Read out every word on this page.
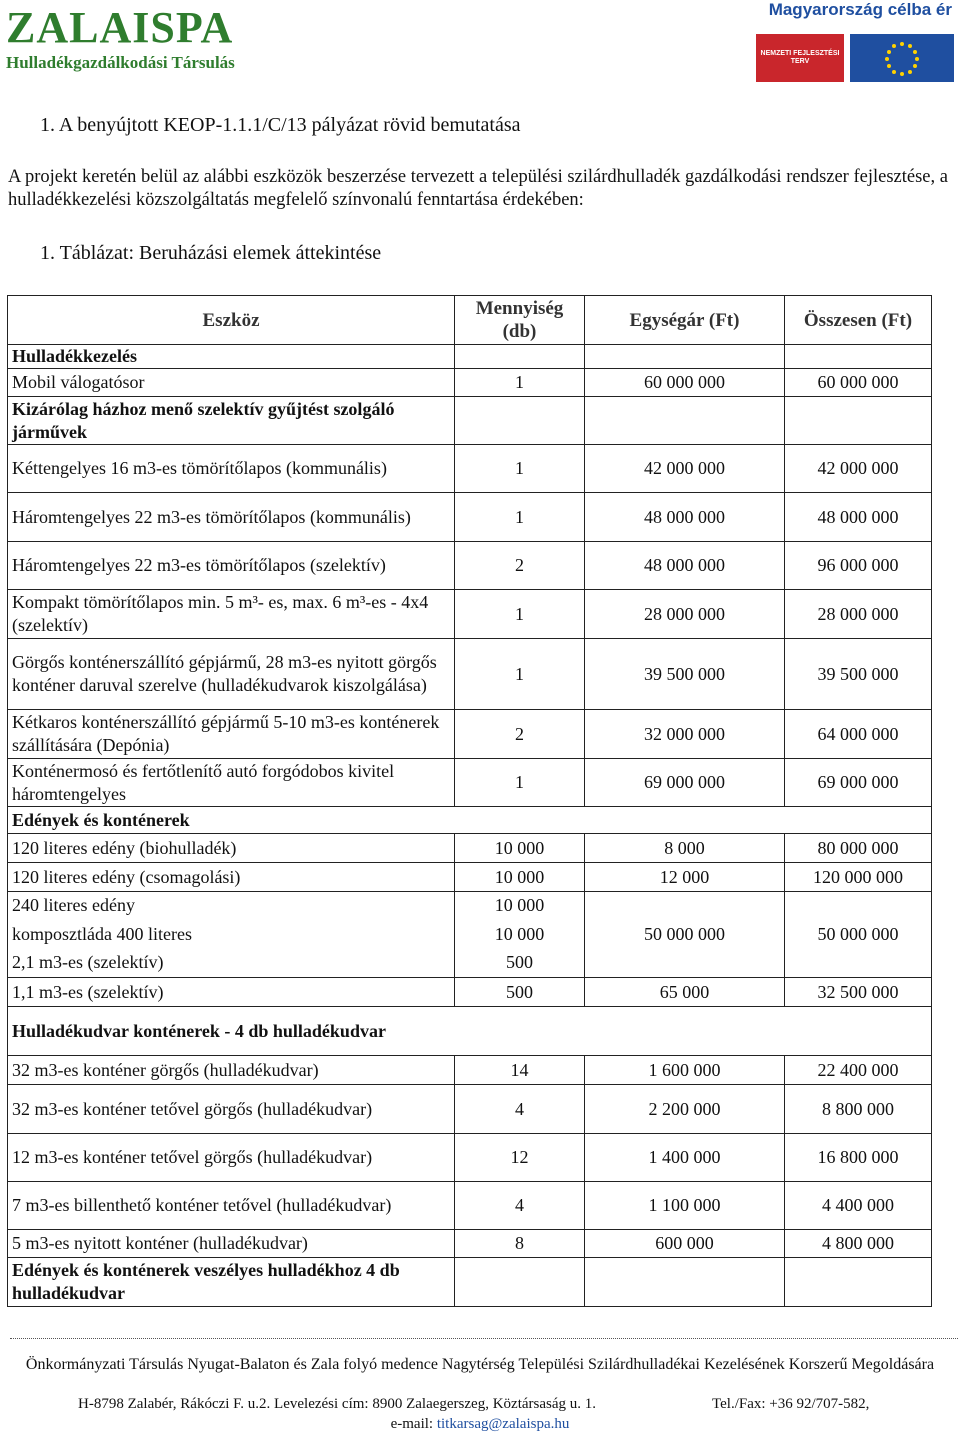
ZALAISPA
Hulladékgazdálkodási Társulás
Magyarország célba ér
NEMZETI FEJLESZTÉSI TERV
1. A benyújtott KEOP-1.1.1/C/13 pályázat rövid bemutatása
A projekt keretén belül az alábbi eszközök beszerzése tervezett a települési szilárdhulladék gazdálkodási rendszer fejlesztése, a hulladékkezelési közszolgáltatás megfelelő színvonalú fenntartása érdekében:
1. Táblázat: Beruházási elemek áttekintése
Eszköz	Mennyiség (db)	Egységár (Ft)	Összesen (Ft)
Hulladékkezelés			
Mobil válogatósor	1	60 000 000	60 000 000
Kizárólag házhoz menő szelektív gyűjtést szolgáló járművek			
Kéttengelyes 16 m3-es tömörítőlapos (kommunális)	1	42 000 000	42 000 000
Háromtengelyes 22 m3-es tömörítőlapos (kommunális)	1	48 000 000	48 000 000
Háromtengelyes 22 m3-es tömörítőlapos (szelektív)	2	48 000 000	96 000 000
Kompakt tömörítőlapos min. 5 m³- es, max. 6 m³-es - 4x4 (szelektív)	1	28 000 000	28 000 000
Görgős konténerszállító gépjármű, 28 m3-es nyitott görgős konténer daruval szerelve (hulladékudvarok kiszolgálása)	1	39 500 000	39 500 000
Kétkaros konténerszállító gépjármű 5-10 m3-es konténerek szállítására (Depónia)	2	32 000 000	64 000 000
Konténermosó és fertőtlenítő autó forgódobos kivitel háromtengelyes	1	69 000 000	69 000 000
Edények és konténerek			
120 literes edény (biohulladék)	10 000	8 000	80 000 000
120 literes edény (csomagolási)	10 000	12 000	120 000 000
240 literes edény	10 000	50 000 000	50 000 000
komposztláda 400 literes	10 000		
2,1 m3-es (szelektív)	500		
1,1 m3-es (szelektív)	500	65 000	32 500 000
Hulladékudvar konténerek - 4 db hulladékudvar			
32 m3-es konténer görgős (hulladékudvar)	14	1 600 000	22 400 000
32 m3-es konténer tetővel görgős (hulladékudvar)	4	2 200 000	8 800 000
12 m3-es konténer tetővel görgős (hulladékudvar)	12	1 400 000	16 800 000
7 m3-es billenthető konténer tetővel (hulladékudvar)	4	1 100 000	4 400 000
5 m3-es nyitott konténer (hulladékudvar)	8	600 000	4 800 000
Edények és konténerek veszélyes hulladékhoz 4 db hulladékudvar			
Önkormányzati Társulás Nyugat-Balaton és Zala folyó medence Nagytérség Települési Szilárdhulladékai Kezelésének Korszerű Megoldására
H-8798 Zalabér, Rákóczi F. u.2. Levelezési cím: 8900 Zalaegerszeg, Köztársaság u. 1.	Tel./Fax: +36 92/707-582,
e-mail: titkarsag@zalaispa.hu
